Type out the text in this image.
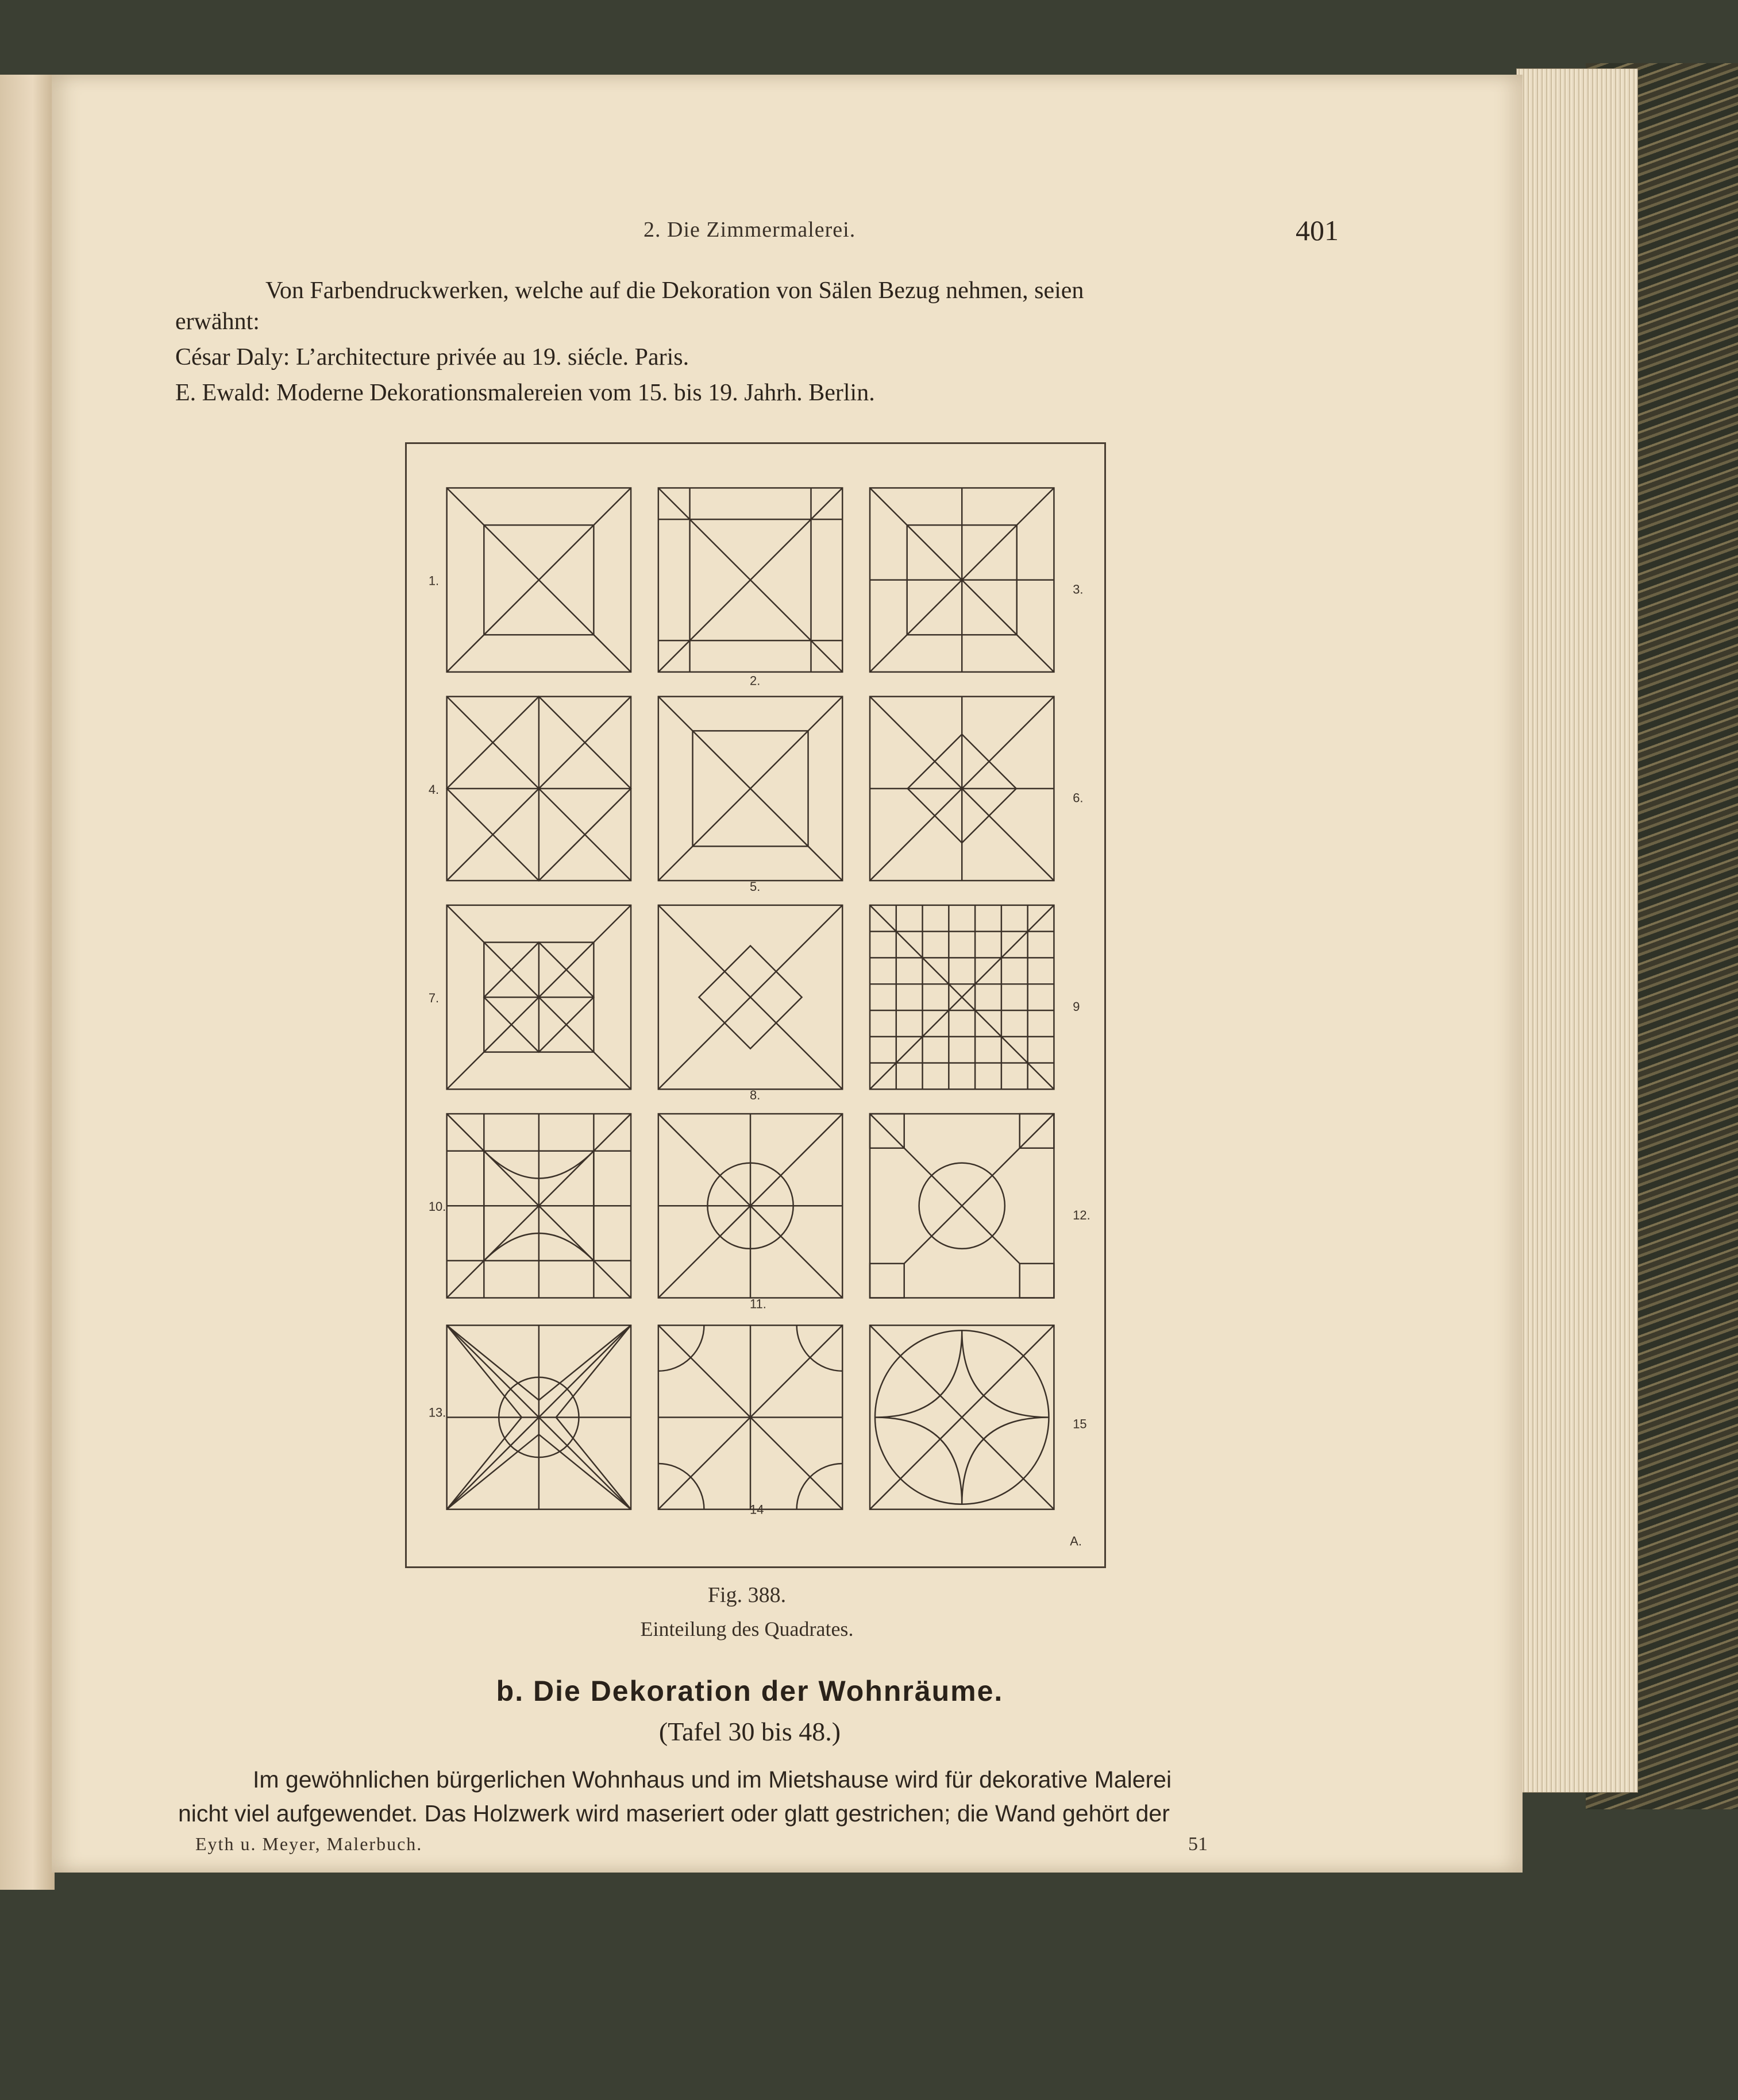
2. Die Zimmermalerei.	401
Von Farbendruckwerken, welche auf die Dekoration von Sälen Bezug nehmen, seien
erwähnt:
César Daly: L’architecture privée au 19. siécle. Paris.
E. Ewald: Moderne Dekorationsmalereien vom 15. bis 19. Jahrh. Berlin.
1.
2.
3.
4.
5.
6.
7.
8.
9
10.
11.
12.
13.
14
15
A.
Fig. 388.
Einteilung des Quadrates.
b. Die Dekoration der Wohnräume.
(Tafel 30 bis 48.)
Im gewöhnlichen bürgerlichen Wohnhaus und im Mietshause wird für dekorative Malerei
nicht viel aufgewendet. Das Holzwerk wird maseriert oder glatt gestrichen; die Wand gehört der
Eyth u. Meyer, Malerbuch.	51
